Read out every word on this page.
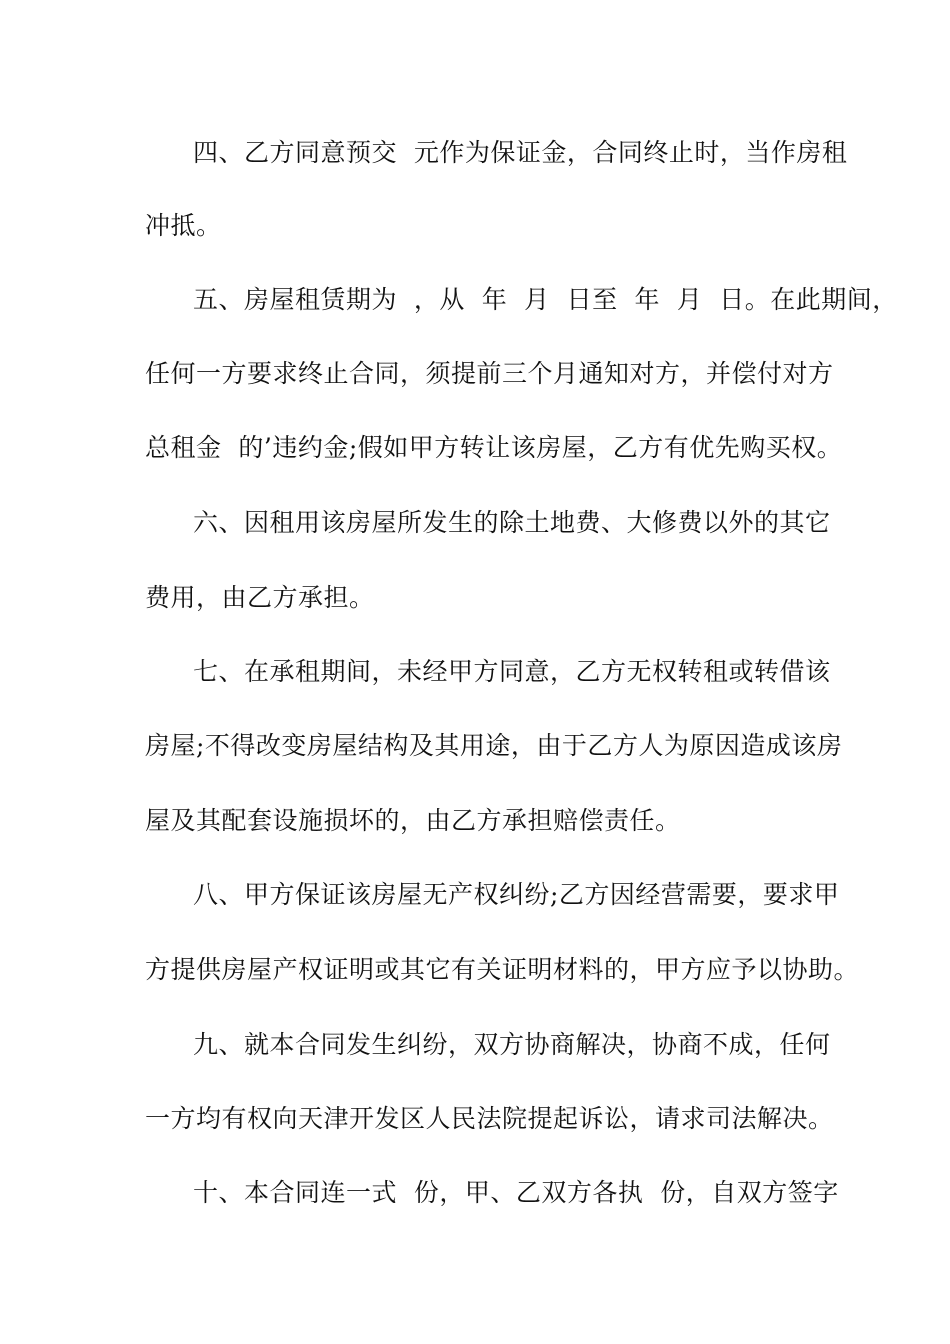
四、乙方同意预交  元作为保证金，合同终止时，当作房租
冲抵。
五、房屋租赁期为  ，从  年  月  日至  年  月  日。在此期间，
任何一方要求终止合同，须提前三个月通知对方，并偿付对方
总租金  的’违约金;假如甲方转让该房屋，乙方有优先购买权。
六、因租用该房屋所发生的除土地费、大修费以外的其它
费用，由乙方承担。
七、在承租期间，未经甲方同意，乙方无权转租或转借该
房屋;不得改变房屋结构及其用途，由于乙方人为原因造成该房
屋及其配套设施损坏的，由乙方承担赔偿责任。
八、甲方保证该房屋无产权纠纷;乙方因经营需要，要求甲
方提供房屋产权证明或其它有关证明材料的，甲方应予以协助。
九、就本合同发生纠纷，双方协商解决，协商不成，任何
一方均有权向天津开发区人民法院提起诉讼，请求司法解决。
十、本合同连一式  份，甲、乙双方各执  份，自双方签字
